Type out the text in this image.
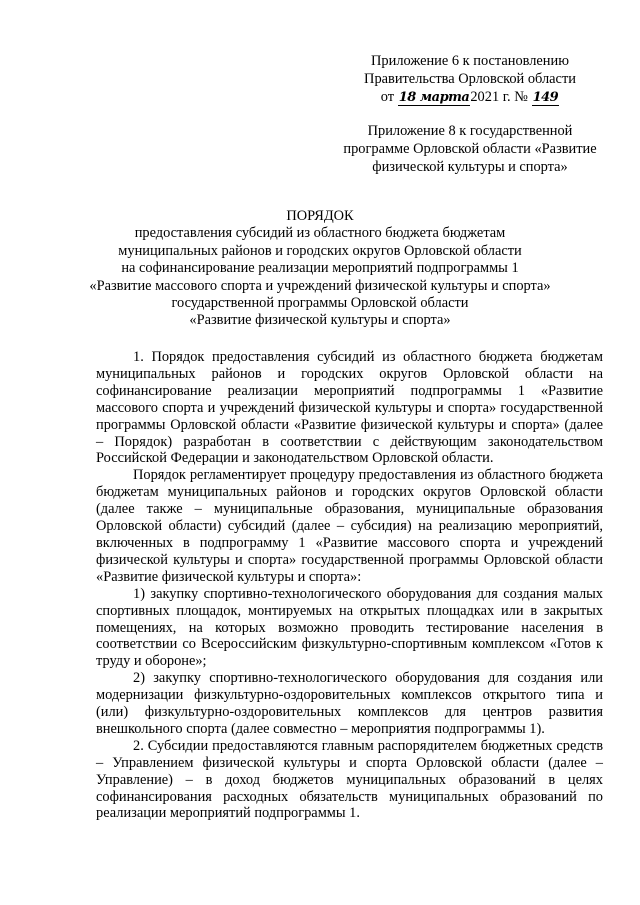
Приложение 6 к постановлению
Правительства Орловской области
от 18 марта2021 г. № 149
Приложение 8 к государственной
программе Орловской области «Развитие
физической культуры и спорта»
ПОРЯДОК
предоставления субсидий из областного бюджета бюджетам
муниципальных районов и городских округов Орловской области
на софинансирование реализации мероприятий подпрограммы 1
«Развитие массового спорта и учреждений физической культуры и спорта»
государственной программы Орловской области
«Развитие физической культуры и спорта»

1. Порядок предоставления субсидий из областного бюджета бюджетам муниципальных районов и городских округов Орловской области на софинансирование реализации мероприятий подпрограммы 1 «Развитие массового спорта и учреждений физической культуры и спорта» государственной программы Орловской области «Развитие физической культуры и спорта» (далее – Порядок) разработан в соответствии с действующим законодательством Российской Федерации и законодательством Орловской области.

Порядок регламентирует процедуру предоставления из областного бюджета бюджетам муниципальных районов и городских округов Орловской области (далее также – муниципальные образования, муниципальные образования Орловской области) субсидий (далее – субсидия) на реализацию мероприятий, включенных в подпрограмму 1 «Развитие массового спорта и учреждений физической культуры и спорта» государственной программы Орловской области «Развитие физической культуры и спорта»:

1) закупку спортивно-технологического оборудования для создания малых спортивных площадок, монтируемых на открытых площадках или в закрытых помещениях, на которых возможно проводить тестирование населения в соответствии со Всероссийским физкультурно-спортивным комплексом «Готов к труду и обороне»;

2) закупку спортивно-технологического оборудования для создания или модернизации физкультурно-оздоровительных комплексов открытого типа и (или) физкультурно-оздоровительных комплексов для центров развития внешкольного спорта (далее совместно – мероприятия подпрограммы 1).

2. Субсидии предоставляются главным распорядителем бюджетных средств – Управлением физической культуры и спорта Орловской области (далее – Управление) – в доход бюджетов муниципальных образований в целях софинансирования расходных обязательств муниципальных образований по реализации мероприятий подпрограммы 1.
